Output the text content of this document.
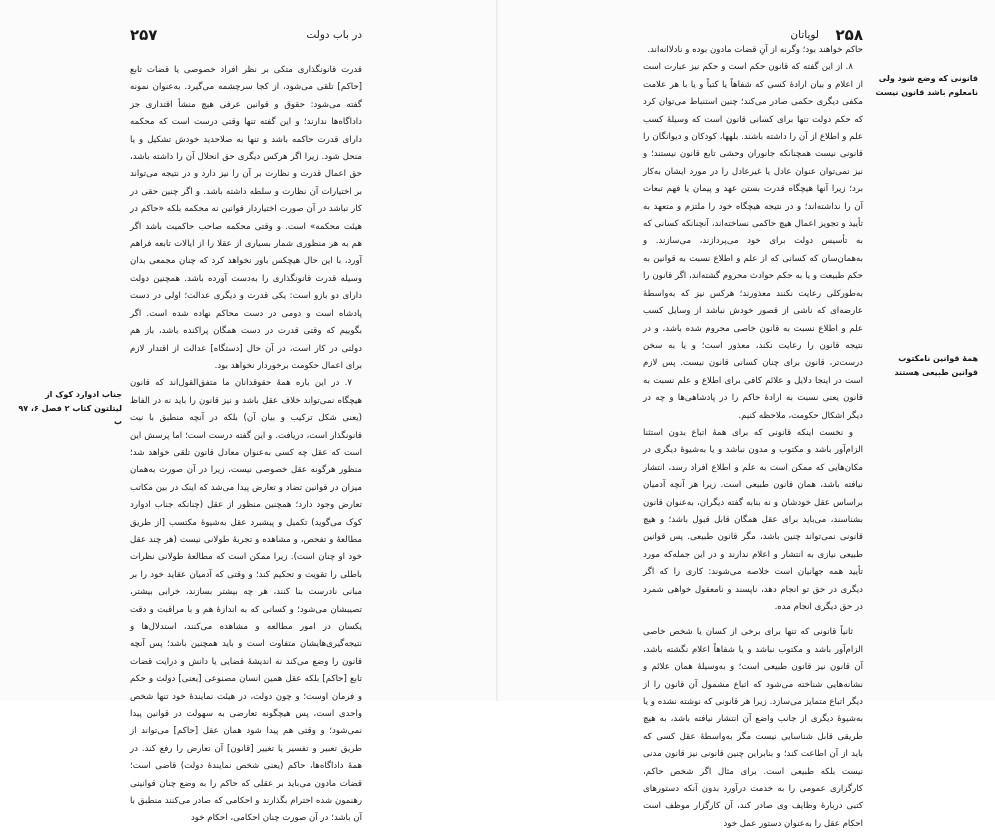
۲۵۷	در باب دولت

قدرت قانونگذاری متکی بر نظر افراد خصوصی یا قضات تابع [حاکم] تلقی می‌شود، از کجا سرچشمه می‌گیرد. به‌عنوان نمونه گفته می‌شود: حقوق و قوانین عرفی هیچ منشأ اقتداری جز داداگاه‌ها ندارند؛ و این گفته تنها وقتی درست است که محکمه دارای قدرت حاکمه باشد و تنها به صلاحدید خودش تشکیل و یا منحل شود. زیرا اگر هرکس دیگری حق انحلال آن را داشته باشد، حق اعمال قدرت و نظارت بر آن را نیز دارد و در نتیجه می‌تواند بر اختیارات آن نظارت و سلطه داشته باشد. و اگر چنین حقی در کار نباشد در آن صورت اختیاردار قوانین نه محکمه بلکه «حاکم در هیئت محکمه» است. و وقتی محکمه صاحب حاکمیت باشد اگر هم به هر منظوری شمار بسیاری از عقلا را از ایالات تابعه فراهم آورد، با این حال هیچکس باور نخواهد کرد که چنان مجمعی بدان وسیله قدرت قانونگذاری را به‌دست آورده باشد. همچنین دولت دارای دو بازو است: یکی قدرت و دیگری عدالت؛ اولی در دست پادشاه است و دومی در دست محاکم نهاده شده است. اگر بگوییم که وقتی قدرت در دست همگان پراکنده باشد، باز هم دولتی در کار است، در آن حال [دستگاه] عدالت از اقتدار لازم برای اعمال حکومت برخوردار نخواهد بود.

۷. در این باره همهٔ حقوقدانان ما متفق‌القول‌اند که قانون هیچگاه نمی‌تواند خلاف عقل باشد و نیز قانون را باید نه در الفاظ (یعنی شکل ترکیب و بیان آن) بلکه در آنچه منطبق با نیت قانونگذار است، دریافت. و این گفته درست است؛ اما پرسش این است که عقل چه کسی به‌عنوان معادل قانون تلقی خواهد شد؛ منظور هرگونه عقل خصوصی نیست، زیرا در آن صورت به‌همان میزان در قوانین تضاد و تعارض پیدا می‌شد که اینک در بین مکاتب تعارض وجود دارد؛ همچنین منظور از عقل (چنانکه جناب ادوارد کوک می‌گوید) تکمیل و پیشبرد عقل به‌شیوهٔ مکتسب [از طریق مطالعهٔ و تفحص، و مشاهده و تجربهٔ طولانی نیست (هر چند عقل خود او چنان است). زیرا ممکن است که مطالعهٔ طولانی نظرات باطلی را تقویت و تحکیم کند؛ و وقتی که آدمیان عقاید خود را بر مبانی نادرست بنا کنند، هر چه بیشتر بسازند، خرابی بیشتر، تصیبشان می‌شود؛ و کسانی که به اندازهٔ هم و با مراقبت و دقت یکسان در امور مطالعه و مشاهده می‌کنند، استدلال‌ها و نتیجه‌گیری‌هایشان متفاوت است و باید همچنین باشد؛ پس آنچه قانون را وضع می‌کند نه اندیشهٔ قضایی یا دانش و درایت قضات تابع [حاکم] بلکه عقل همین انسان مصنوعی [یعنی] دولت و حکم و فرمان اوست؛ و چون دولت، در هیئت نمایندهٔ خود تنها شخص واحدی است، پس هیچگونه تعارضی به سهولت در قوانین پیدا نمی‌شود؛ و وقتی هم پیدا شود همان عقل [حاکم] می‌تواند از طریق تعبیر و تفسیر یا تغییر [قانون] آن تعارض را رفع کند. در همهٔ داداگاه‌ها، حاکم (یعنی شخص نمایندهٔ دولت) قاضی است؛ قضات مادون می‌باید بر عقلی که حاکم را به وضع چنان قوانینی رهنمون شده احترام بگذارند و احکامی که صادر می‌کنند منطبق با آن باشد؛ در آن صورت چنان احکامی، احکام خود

جناب ادوارد کوک از لیتلتون کتاب ۲ فصل ۶، ۹۷ ب
۲۵۸
لویاتان

حاکم خواهند بود؛ وگرنه از آنِ قضات مادون بوده و نادلاانه‌اند.

۸. از این گفته که قانون حکم است و حکم نیز عبارت است از اعلام و بیان ارادهٔ کسی که شفاهاً یا کتباً و یا با هر علامت مکفی دیگری حکمی صادر می‌کند؛ چنین استنباط می‌توان کرد که حکم دولت تنها برای کسانی قانون است که وسیلهٔ کسب علم و اطلاع از آن را داشته باشند. بلهها، کودکان و دیوانگان را قانونی نیست همچنانکه جانوران وحشی تابع قانون نیستند؛ و نیز نمی‌توان عنوان عادل یا غیرعادل را در مورد ایشان به‌کار برد؛ زیرا آنها هیچگاه قدرت بستن عهد و پیمان یا فهم تبعات آن را نداشته‌اند؛ و در نتیجه هیچگاه خود را ملتزم و متعهد به تأیید و تجویز اعمال هیچ حاکمی نساخته‌اند، آنچنانکه کسانی که به تأسیس دولت برای خود می‌پردازند، می‌سازند. و به‌همان‌سان که کسانی که از علم و اطلاع نسبت به قوانین به حکم طبیعت و یا به حکم حوادث محروم گشته‌اند، اگر قانون را به‌طورکلی رعایت نکنند معذورند؛ هرکس نیز که به‌واسطهٔ عارضه‌ای که ناشی از قصور خودش نباشد از وسایل کسب علم و اطلاع نسبت به قانون خاصی محروم شده باشد، و در نتیجه قانون را رعایت نکند، معذور است؛ و یا به سخن درست‌تر، قانون برای چنان کسانی قانون نیست. پس لازم است در اینجا دلایل و علائم کافی برای اطلاع و علم نسبت به قانون یعنی نسبت به ارادهٔ حاکم را در پادشاهی‌ها و چه در دیگر اشکال حکومت، ملاحظه کنیم.

و نخست اینکه قانونی که برای همهٔ اتباع بدون استثنا الزام‌آور باشد و مکتوب و مدون نباشد و یا به‌شیوهٔ دیگری در مکان‌هایی که ممکن است به علم و اطلاع افراد رسد، انتشار نیافته باشد، همان قانون طبیعی است. زیرا هر آنچه آدمیان براساس عقل خودشان و نه بنابه گفته دیگران، به‌عنوان قانون بشناسند، می‌باید برای عقل همگان قابل قبول باشد؛ و هیچ قانونی نمی‌تواند چنین باشد، مگر قانون طبیعی. پس قوانین طبیعی نیازی به انتشار و اعلام ندارند و در این جمله‌که مورد تأیید همه جهانیان است خلاصه می‌شوند: کاری را که اگر دیگری در حق تو انجام دهد، ناپسند و نامعقول خواهی شمرد در حق دیگری انجام مده.

ثانیاً قانونی که تنها برای برخی از کسان یا شخص خاصی الزام‌آور باشد و مکتوب نباشد و یا شفاهاً اعلام نگشته باشد، آن قانون نیز قانون طبیعی است؛ و به‌وسیلهٔ همان علائم و نشانه‌هایی شناخته می‌شود که اتباع مشمول آن قانون را از دیگر اتباع متمایز می‌سازد. زیرا هر قانونی که نوشته نشده و یا به‌شیوهٔ دیگری از جانب واضع آن انتشار نیافته باشد، به هیچ طریقی قابل شناسایی نیست مگر به‌واسطهٔ عقل کسی که باید از آن اطاعت کند؛ و بنابراین چنین قانونی نیز قانون مدنی نیست بلکه طبیعی است. برای مثال اگر شخص حاکم، کارگزاری عمومی را به خدمت درآورد بدون آنکه دستورهای کتبی دربارهٔ وظایف وی صادر کند، آن کارگزار موظف است احکام عقل را به‌عنوان دستور عمل خود

قانونی که وضع شود ولی نامعلوم باشد قانون نیست
همهٔ قوانین نامکتوب قوانین طبیعی هستند
